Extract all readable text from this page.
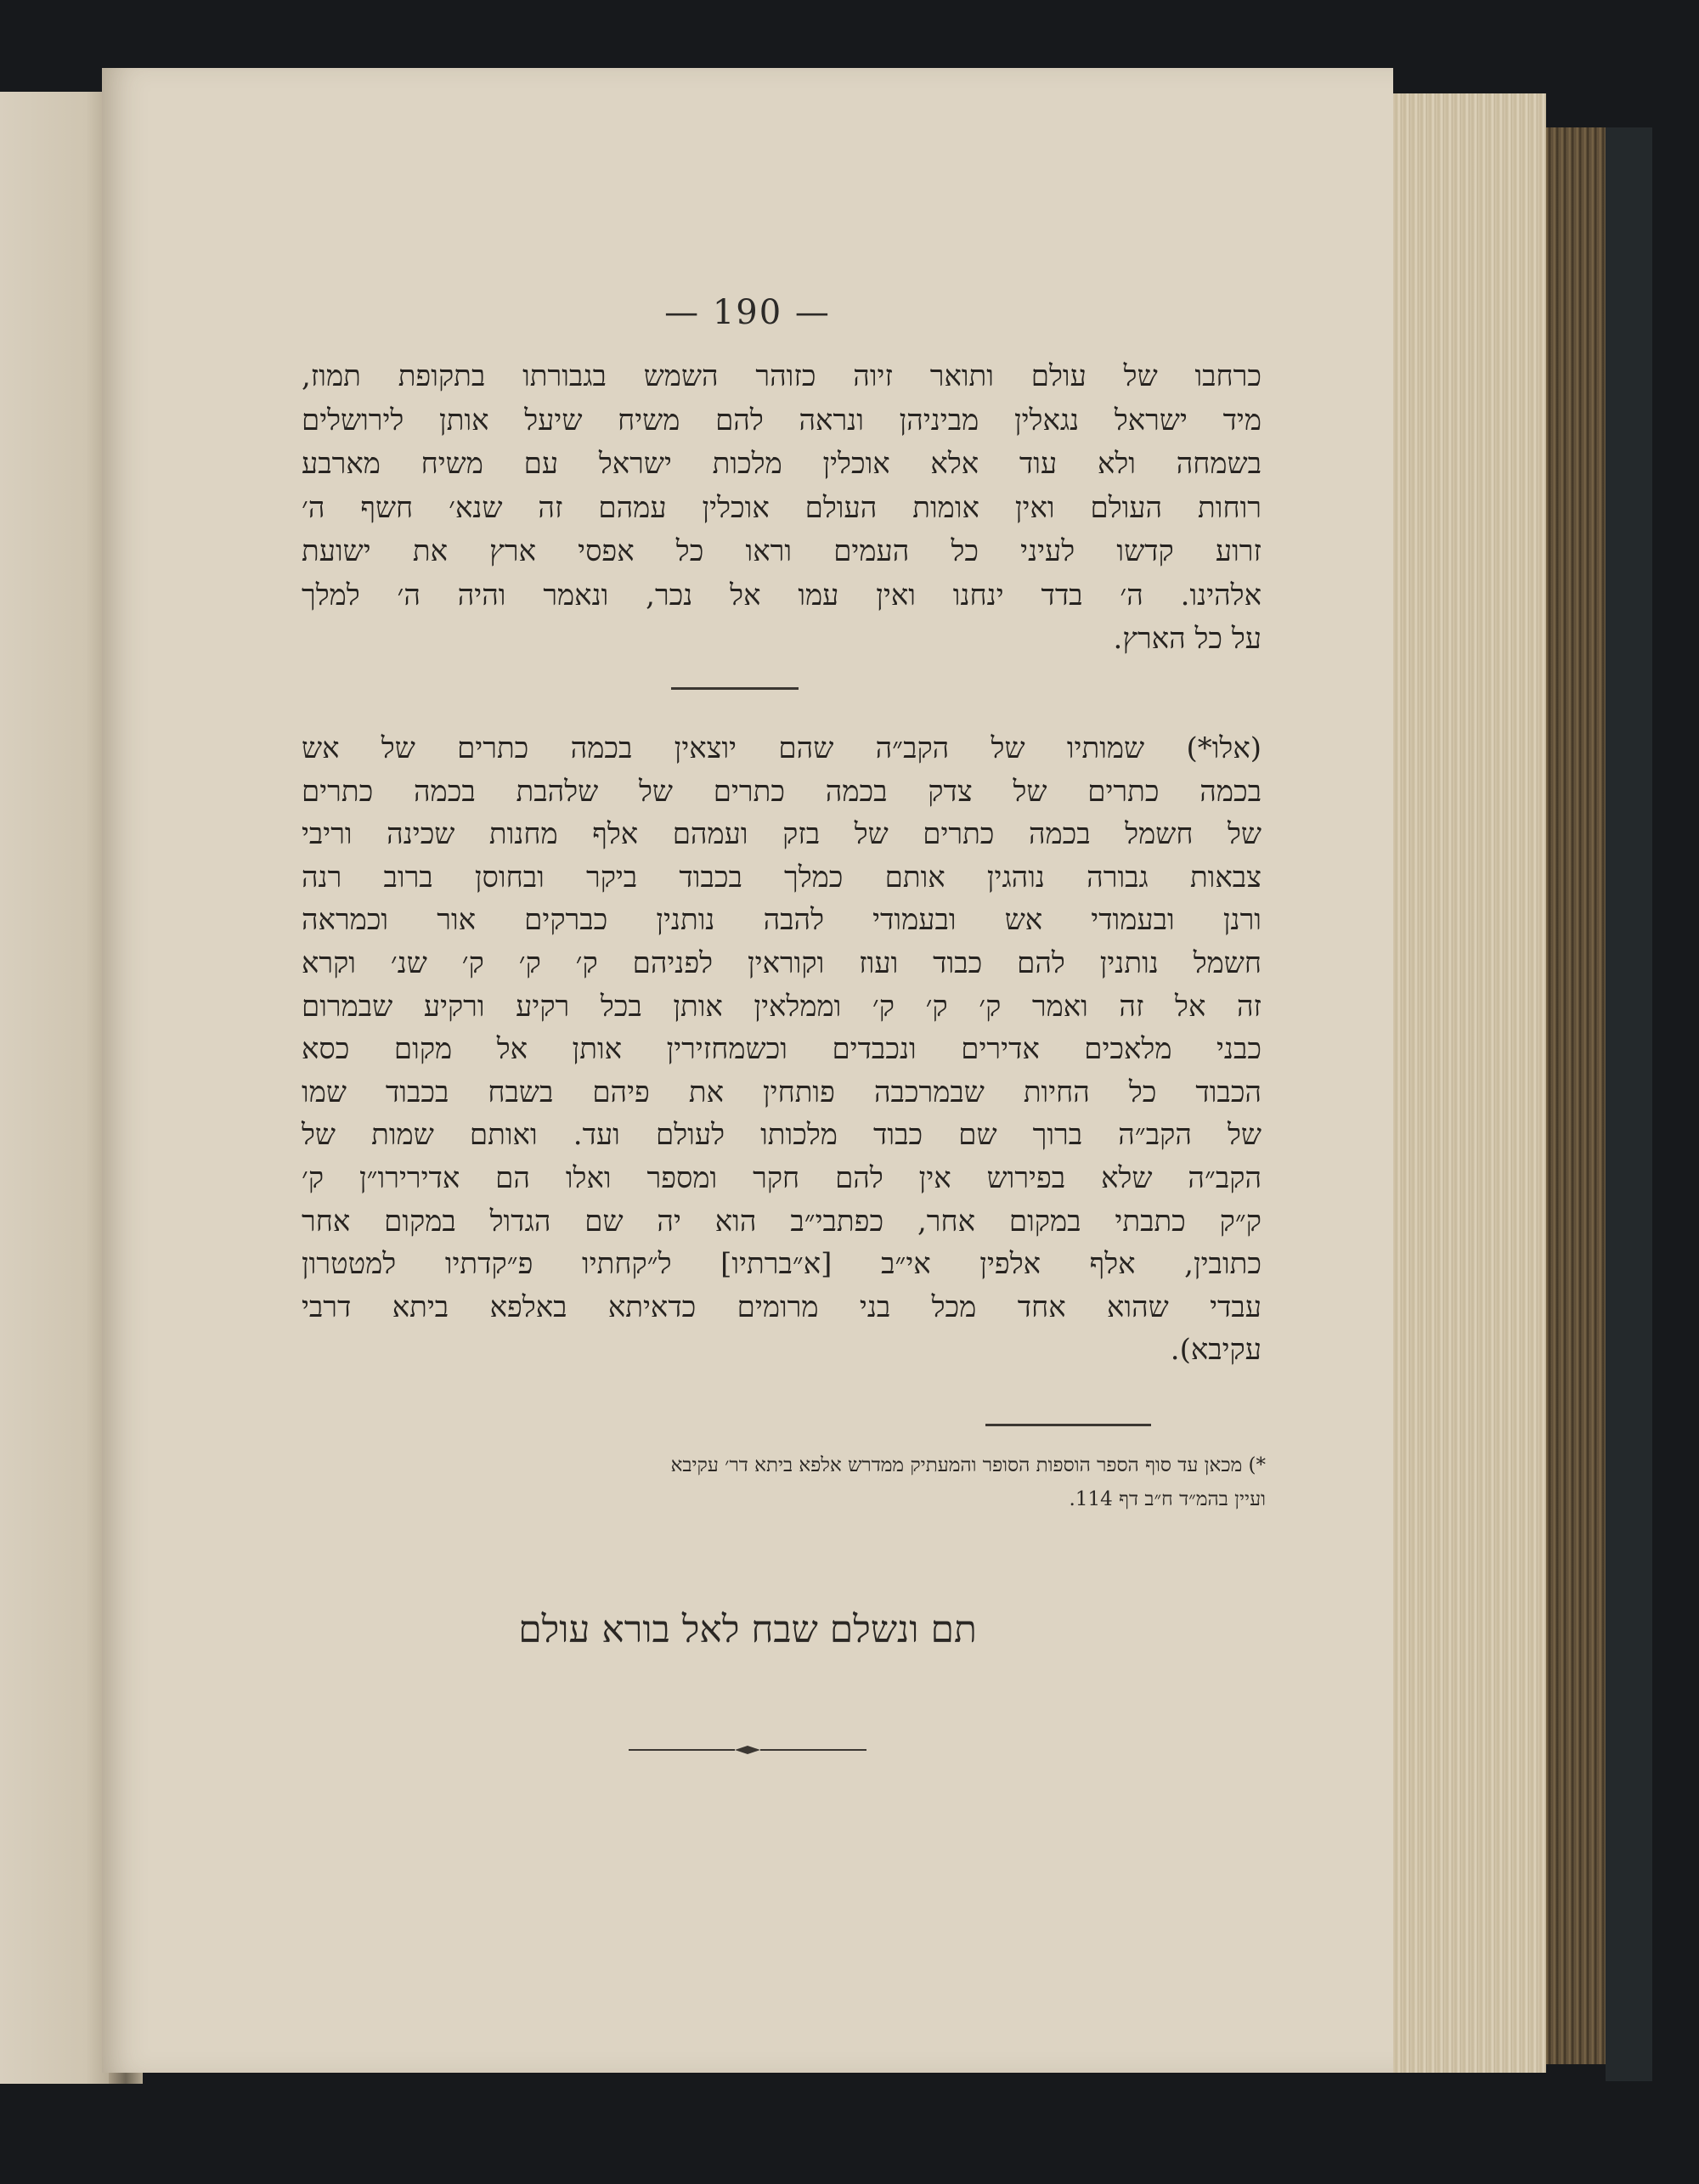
— 190 —
כרחבו של עולם ותואר זיוה כזוהר השמש בגבורתו בתקופת תמוז,
מיד ישראל נגאלין מביניהן ונראה להם משיח שיעל אותן לירושלים
בשמחה ולא עוד אלא אוכלין מלכות ישראל עם משיח מארבע
רוחות העולם ואין אומות העולם אוכלין עמהם זה שנא׳ חשף ה׳
זרוע קדשו לעיני כל העמים וראו כל אפסי ארץ את ישועת
אלהינו. ה׳ בדד ינחנו ואין עמו אל נכר, ונאמר והיה ה׳ למלך
על כל הארץ.
(אלו*) שמותיו של הקב״ה שהם יוצאין בכמה כתרים של אש
בכמה כתרים של צדק בכמה כתרים של שלהבת בכמה כתרים
של חשמל בכמה כתרים של בזק ועמהם אלף מחנות שכינה וריבי
צבאות גבורה נוהגין אותם כמלך בכבוד ביקר ובחוסן ברוב רנה
ורנן ובעמודי אש ובעמודי להבה נותנין כברקים אור וכמראה
חשמל נותנין להם כבוד ועוז וקוראין לפניהם ק׳ ק׳ ק׳ שנ׳ וקרא
זה אל זה ואמר ק׳ ק׳ ק׳ וממלאין אותן בכל רקיע ורקיע שבמרום
כבני מלאכים אדירים ונכבדים וכשמחזירין אותן אל מקום כסא
הכבוד כל החיות שבמרכבה פותחין את פיהם בשבח בכבוד שמו
של הקב״ה ברוך שם כבוד מלכותו לעולם ועד. ואותם שמות של
הקב״ה שלא בפירוש אין להם חקר ומספר ואלו הם אדירירו״ן ק׳
ק״ק כתבתי במקום אחר, כפתבי״ב הוא יה שם הגדול במקום אחר
כתובין, אלף אלפין אי״ב [א״ברתיו] ל״קחתיו פ״קדתיו למטטרון
עבדי שהוא אחד מכל בני מרומים כדאיתא באלפא ביתא דרבי
עקיבא).
*) מכאן עד סוף הספר הוספות הסופר והמעתיק ממדרש אלפא ביתא דר׳ עקיבא
ועיין בהמ״ד ח״ב דף 114.
תם ונשלם שבח לאל בורא עולם
